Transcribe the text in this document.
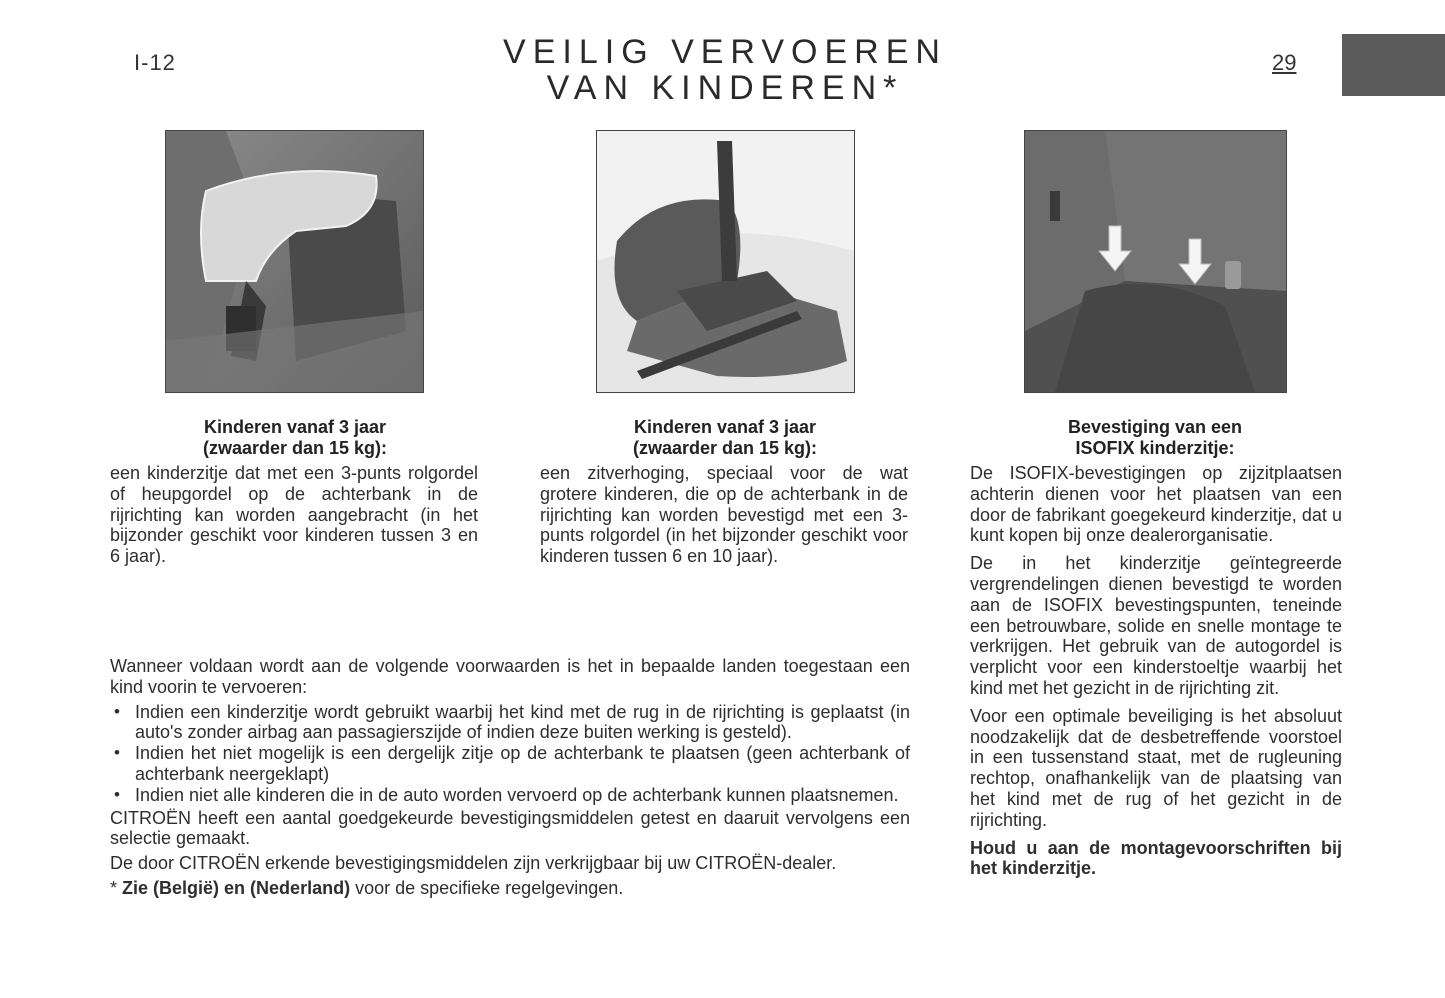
I-12	VEILIG VERVOEREN
VAN KINDEREN*
29
Kinderen vanaf 3 jaar
(zwaarder dan 15 kg):
Kinderen vanaf 3 jaar
(zwaarder dan 15 kg):
Bevestiging van een
ISOFIX kinderzitje:

een kinderzitje dat met een 3-punts rolgordel of heupgordel op de achterbank in de rijrichting kan worden aangebracht (in het bijzonder geschikt voor kinderen tussen 3 en 6 jaar).

een zitverhoging, speciaal voor de wat grotere kinderen, die op de achterbank in de rijrichting kan worden bevestigd met een 3-punts rolgordel (in het bijzonder geschikt voor kinderen tussen 6 en 10 jaar).

De ISOFIX-bevestigingen op zijzitplaatsen achterin dienen voor het plaatsen van een door de fabrikant goegekeurd kinderzitje, dat u kunt kopen bij onze dealerorganisatie.

De in het kinderzitje geïntegreerde vergrendelingen dienen bevestigd te worden aan de ISOFIX bevestingspunten, teneinde een betrouwbare, solide en snelle montage te verkrijgen. Het gebruik van de autogordel is verplicht voor een kinderstoeltje waarbij het kind met het gezicht in de rijrichting zit.

Voor een optimale beveiliging is het absoluut noodzakelijk dat de desbetreffende voorstoel in een tussenstand staat, met de rugleuning rechtop, onafhankelijk van de plaatsing van het kind met de rug of het gezicht in de rijrichting.

Houd u aan de montagevoorschriften bij het kinderzitje.

Wanneer voldaan wordt aan de volgende voorwaarden is het in bepaalde landen toegestaan een kind voorin te vervoeren:

• Indien een kinderzitje wordt gebruikt waarbij het kind met de rug in de rijrichting is geplaatst (in auto's zonder airbag aan passagierszijde of indien deze buiten werking is gesteld).
• Indien het niet mogelijk is een dergelijk zitje op de achterbank te plaatsen (geen achterbank of achterbank neergeklapt)
• Indien niet alle kinderen die in de auto worden vervoerd op de achterbank kunnen plaatsnemen.

CITROËN heeft een aantal goedgekeurde bevestigingsmiddelen getest en daaruit vervolgens een selectie gemaakt.

De door CITROËN erkende bevestigingsmiddelen zijn verkrijgbaar bij uw CITROËN-dealer.

* Zie (België) en (Nederland) voor de specifieke regelgevingen.
